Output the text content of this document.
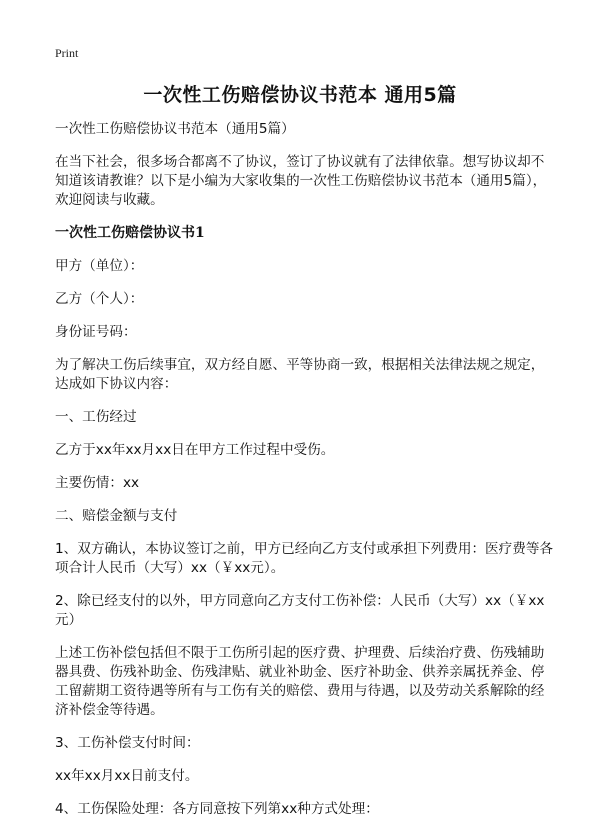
Print
一次性工伤赔偿协议书范本 通用5篇

一次性工伤赔偿协议书范本（通用5篇）

在当下社会，很多场合都离不了协议，签订了协议就有了法律依靠。想写协议却不知道该请教谁？以下是小编为大家收集的一次性工伤赔偿协议书范本（通用5篇），欢迎阅读与收藏。

一次性工伤赔偿协议书1

甲方（单位）：

乙方（个人）：

身份证号码：

为了解决工伤后续事宜，双方经自愿、平等协商一致，根据相关法律法规之规定，达成如下协议内容：

一、工伤经过

乙方于xx年xx月xx日在甲方工作过程中受伤。

主要伤情：xx

二、赔偿金额与支付

1、双方确认，本协议签订之前，甲方已经向乙方支付或承担下列费用：医疗费等各项合计人民币（大写）xx（￥xx元）。

2、除已经支付的以外，甲方同意向乙方支付工伤补偿：人民币（大写）xx（￥xx元）

上述工伤补偿包括但不限于工伤所引起的医疗费、护理费、后续治疗费、伤残辅助器具费、伤残补助金、伤残津贴、就业补助金、医疗补助金、供养亲属抚养金、停工留薪期工资待遇等所有与工伤有关的赔偿、费用与待遇，以及劳动关系解除的经济补偿金等待遇。

3、工伤补偿支付时间：

xx年xx月xx日前支付。

4、工伤保险处理：各方同意按下列第xx种方式处理：
